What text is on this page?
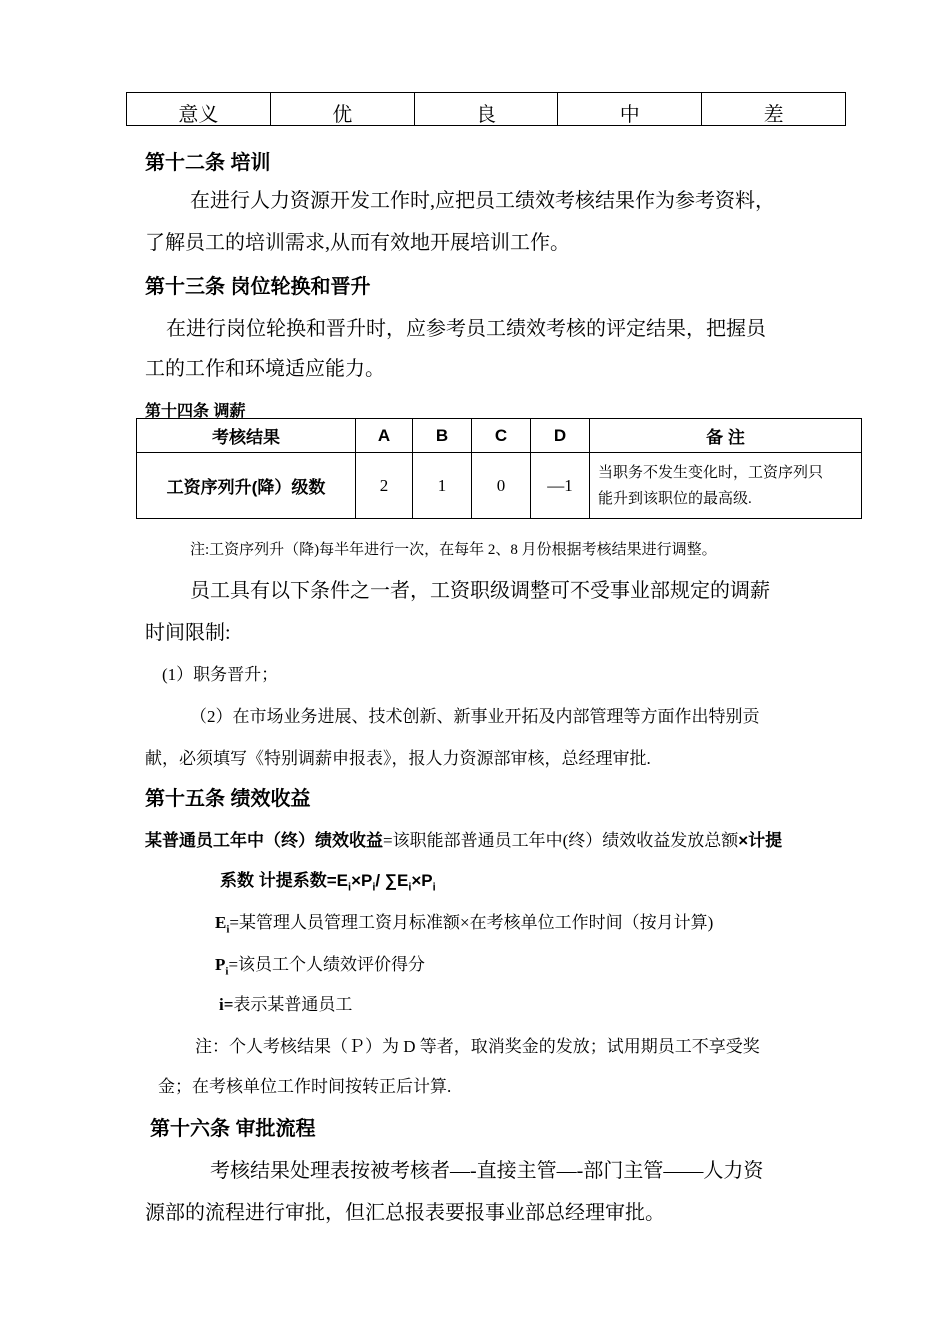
意义	优	良	中	差
第十二条 培训
在进行人力资源开发工作时,应把员工绩效考核结果作为参考资料，
了解员工的培训需求,从而有效地开展培训工作。
第十三条 岗位轮换和晋升
在进行岗位轮换和晋升时，应参考员工绩效考核的评定结果，把握员
工的工作和环境适应能力。
第十四条 调薪
考核结果	A	B	C	D	备 注
工资序列升(降）级数	2	1	0	—1	当职务不发生变化时，工资序列只
能升到该职位的最高级.
注:工资序列升（降)每半年进行一次，在每年 2、8 月份根据考核结果进行调整。
员工具有以下条件之一者，工资职级调整可不受事业部规定的调薪
时间限制:
(1）职务晋升；
（2）在市场业务进展、技术创新、新事业开拓及内部管理等方面作出特别贡
献，必须填写《特别调薪申报表》，报人力资源部审核，总经理审批.
第十五条 绩效收益
某普通员工年中（终）绩效收益=该职能部普通员工年中(终）绩效收益发放总额×计提
系数 计提系数$=E_i\times P_i/$ $\sum E_i\times P_i$
$E_i=$某管理人员管理工资月标准额×在考核单位工作时间（按月计算)
$P_i=$该员工个人绩效评价得分
i=表示某普通员工
注：个人考核结果（Ｐ）为 D 等者，取消奖金的发放；试用期员工不享受奖
金；在考核单位工作时间按转正后计算.
第十六条 审批流程
考核结果处理表按被考核者—-直接主管—-部门主管——人力资
源部的流程进行审批，但汇总报表要报事业部总经理审批。
